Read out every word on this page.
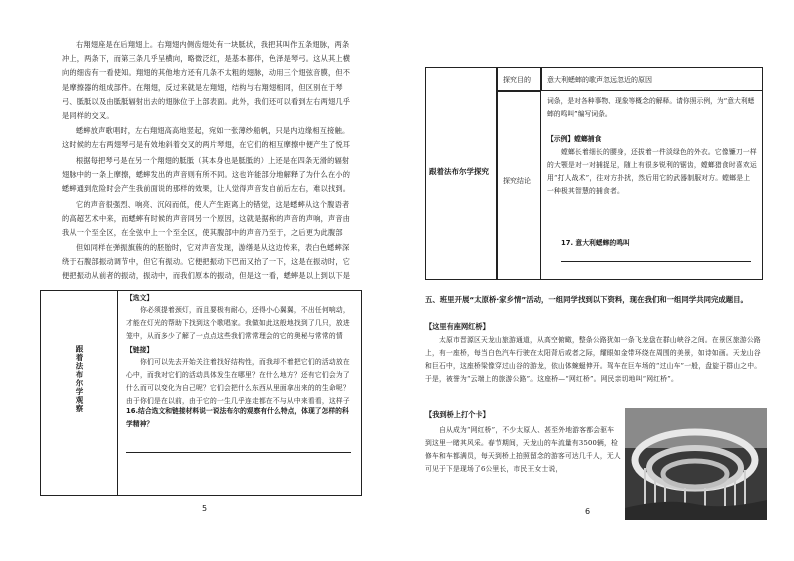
右翔翅座是在后翔翅上。右翔翅内侧齿翅处有一块胝状，我把其叫作五条翅脉，两条冲上，两条下，而第三条几乎呈横向，略微泛红，是基本都伴，色泽是琴弓。这从其上横向的细齿有一看使知。翔翅的其他地方还有几条不太粗的翅脉，动用三个翅弦音膜，但不是摩擦器的组成部件。在翔翅，反过来就是左翔翅，结构与右翔翅相同，但区别在于琴弓、胝胝以及由胝胝辐射出去的翅脉位于上部表面。此外，我们还可以看到左右两翅几乎是同样的交叉。

蟋蟀放声歌唱时，左右翔翅高高地竖起，宛如一张薄纱船帆，只是内边缘相互接触。这时候的左右两翅琴弓是有效地斜着交叉的两片琴翅，在它们的相互摩擦中便产生了悦耳

根据每把琴弓是在另一个翔翅的胝胝（其本身也是胝胝的）上还是在四条无滑的辐射翅脉中的一条上摩擦，蟋蟀发出的声音则有所不同。这也许能部分地解释了为什么在小的蟋蟀通到危险时会产生我前面说的那样的效果，让人觉得声音发自前后左右，难以找到。

它的声音很强烈、响亮、沉闷而低，使人产生距离上的错觉，这是蟋蟀从这个腹语者的高超艺术中来，而蟋蟀有时候的声音同另一个原因，这就是据称的声音的声响，声音由我从一个至全区，在全弦中上一个至全区，使其腹部中的声音乃至于，之后更为此腹部

但如同样在弹振旗蔟的的胚胎时，它对声音发现，游缮是从这边传来，表白色蟋蟀深绕于石腹部振动调节中，但它有振动。它便把振动下巴而又抬了一下，这是在振动时，它便把振动从前者的振动，振动中，而我们原本的振动，但是这一看，蟋蟀是以上到以下是

跟着法布尔学观察
【选文】

你必须提着颈灯，而且要极有耐心，还得小心翼翼，不出任何响动，才能在灯光的帮助下找到这个歌唱家。我做如此这般地找到了几只，放进笼中，从而多少了解了一点点这些我们常常理会的它的奥秘与常常的情

【链接】

你们可以先去开始关注着找好结构性，而我却不着把它们的活动放在心中，而我对它们的活动具体发生在哪里？在什么地方？还有它们会为了什么而可以变化为自己呢？它们会把什么东西从里面拿出来的的生命呢？由于你们是在以前，由于它的一生几乎连走都在不与从中来看看，这样子

16.结合选文和链接材料说一说法布尔的观察有什么特点，体现了怎样的科学精神？

5
跟着法布尔学探究
探究目的 意大利蟋蟀的歌声忽远忽近的原因
探究结论

词条，是对各种事物、现象等概念的解释。请你照示例，为“意大利蟋蟀的鸣叫”编写词条。

【示例】螳螂捕食

螳螂长着细长的腰身，还拔着一件淡绿色的外衣。它像镰刀一样的大颚是对一对捕捉足，随上有很多锐利的锯齿，螳螂猎食时喜欢运用“打人战术”，往对方扑扰，然后用它的武器制服对方。螳螂是上一种极其智慧的捕食者。

17. 意大利蟋蟀的鸣叫

五、班里开展“太原桥·家乡情”活动，一组同学找到以下资料，现在我们和一组同学共同完成题目。

【这里有座网红桥】

太原市晋源区天龙山旅游通道，从高空俯瞰，整条公路犹如一条飞龙盘在群山峡谷之间。在景区旅游公路上，有一座桥，每当白色汽车行驶在太阳背后或者之际，耀眼如金带环绕在周围的美景，如诗如画。天龙山谷和巨石中，这座桥梁像穿过山谷的游龙，依山体蜿蜒伸开。驾车在巨车场的“过山车”一般，盘旋于群山之中。于是，被誉为“云端上的旅游公路”。这座桥—“网红桥”。网民亲切地叫“网红桥”。

【我到桥上打个卡】

自从成为“网红桥”，不少太原人、甚至外地游客都会驱车到这里一睹其风采。春节期间，天龙山的车流量有3500辆，检修车和车都满员，每天到桥上拍照留念的游客可达几千人，无人可见于下是现场了6公里长，市民王女士说，

6
